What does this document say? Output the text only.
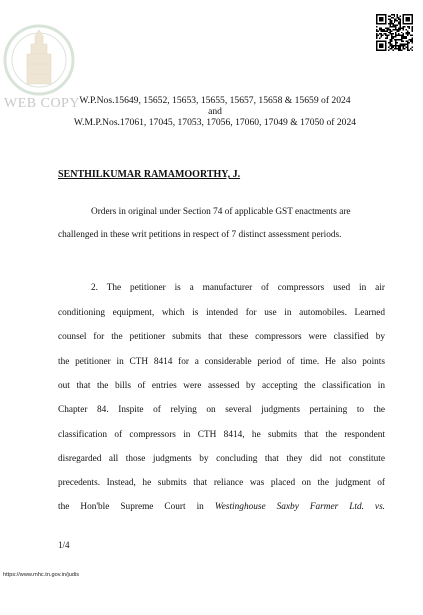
WEB COPY W.P.Nos.15649, 15652, 15653, 15655, 15657, 15658 & 15659 of 2024
and
W.M.P.Nos.17061, 17045, 17053, 17056, 17060, 17049 & 17050 of 2024
SENTHILKUMAR RAMAMOORTHY, J.
Orders in original under Section 74 of applicable GST enactments are
challenged in these writ petitions in respect of 7 distinct assessment periods.
2. The petitioner is a manufacturer of compressors used in air
conditioning equipment, which is intended for use in automobiles. Learned
counsel for the petitioner submits that these compressors were classified by
the petitioner in CTH 8414 for a considerable period of time. He also points
out that the bills of entries were assessed by accepting the classification in
Chapter 84. Inspite of relying on several judgments pertaining to the
classification of compressors in CTH 8414, he submits that the respondent
disregarded all those judgments by concluding that they did not constitute
precedents. Instead, he submits that reliance was placed on the judgment of
the Hon'ble Supreme Court in Westinghouse Saxby Farmer Ltd. vs.
1/4
https://www.mhc.tn.gov.in/judis
